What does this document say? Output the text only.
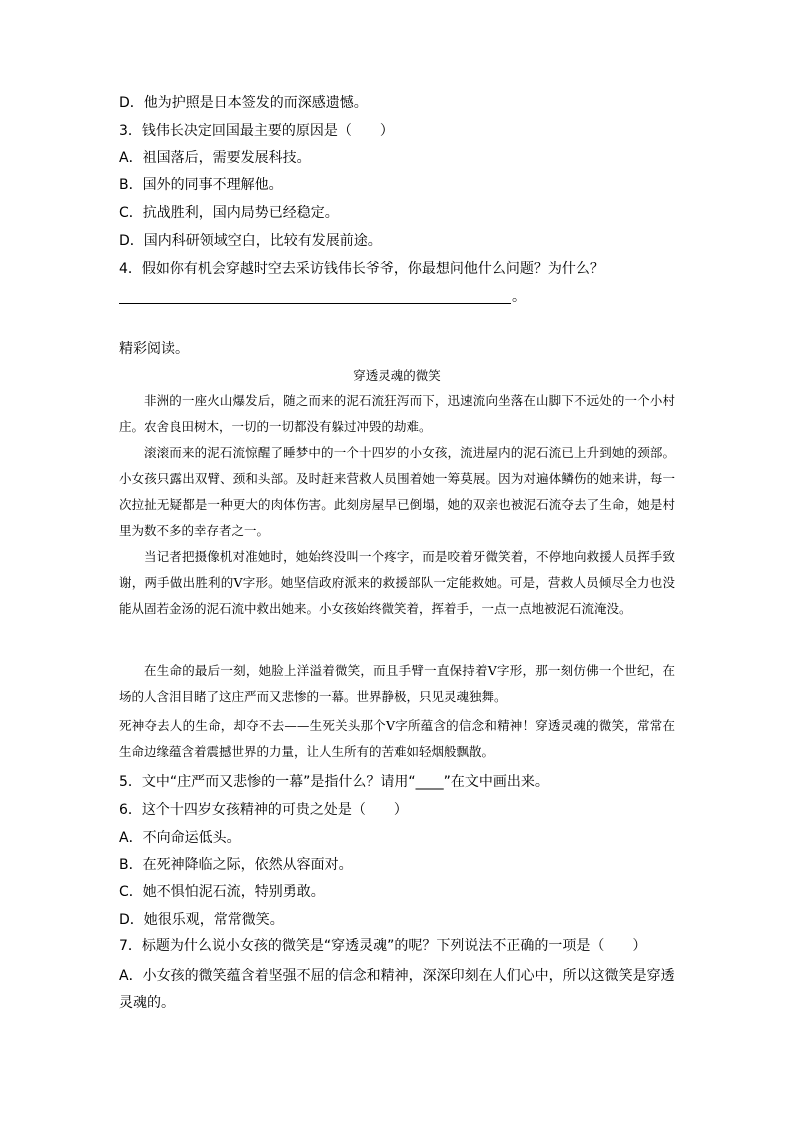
D．他为护照是日本签发的而深感遗憾。
3．钱伟长决定回国最主要的原因是（　　）
A．祖国落后，需要发展科技。
B．国外的同事不理解他。
C．抗战胜利，国内局势已经稳定。
D．国内科研领域空白，比较有发展前途。
4．假如你有机会穿越时空去采访钱伟长爷爷，你最想问他什么问题？为什么？
。
精彩阅读。
穿透灵魂的微笑
非洲的一座火山爆发后，随之而来的泥石流狂泻而下，迅速流向坐落在山脚下不远处的一个小村庄。农舍良田树木，一切的一切都没有躲过冲毁的劫难。
滚滚而来的泥石流惊醒了睡梦中的一个十四岁的小女孩，流进屋内的泥石流已上升到她的颈部。小女孩只露出双臂、颈和头部。及时赶来营救人员围着她一筹莫展。因为对遍体鳞伤的她来讲，每一次拉扯无疑都是一种更大的肉体伤害。此刻房屋早已倒塌，她的双亲也被泥石流夺去了生命，她是村里为数不多的幸存者之一。
当记者把摄像机对准她时，她始终没叫一个疼字，而是咬着牙微笑着，不停地向救援人员挥手致谢，两手做出胜利的V字形。她坚信政府派来的救援部队一定能救她。可是，营救人员倾尽全力也没能从固若金汤的泥石流中救出她来。小女孩始终微笑着，挥着手，一点一点地被泥石流淹没。
在生命的最后一刻，她脸上洋溢着微笑，而且手臂一直保持着V字形，那一刻仿佛一个世纪，在场的人含泪目睹了这庄严而又悲惨的一幕。世界静极，只见灵魂独舞。
死神夺去人的生命，却夺不去——生死关头那个V字所蕴含的信念和精神！穿透灵魂的微笑，常常在生命边缘蕴含着震撼世界的力量，让人生所有的苦难如轻烟般飘散。
5．文中“庄严而又悲惨的一幕”是指什么？请用“____”在文中画出来。
6．这个十四岁女孩精神的可贵之处是（　　）
A．不向命运低头。
B．在死神降临之际，依然从容面对。
C．她不惧怕泥石流，特别勇敢。
D．她很乐观，常常微笑。
7．标题为什么说小女孩的微笑是“穿透灵魂”的呢？下列说法不正确的一项是（　　）
A．小女孩的微笑蕴含着坚强不屈的信念和精神，深深印刻在人们心中，所以这微笑是穿透灵魂的。
